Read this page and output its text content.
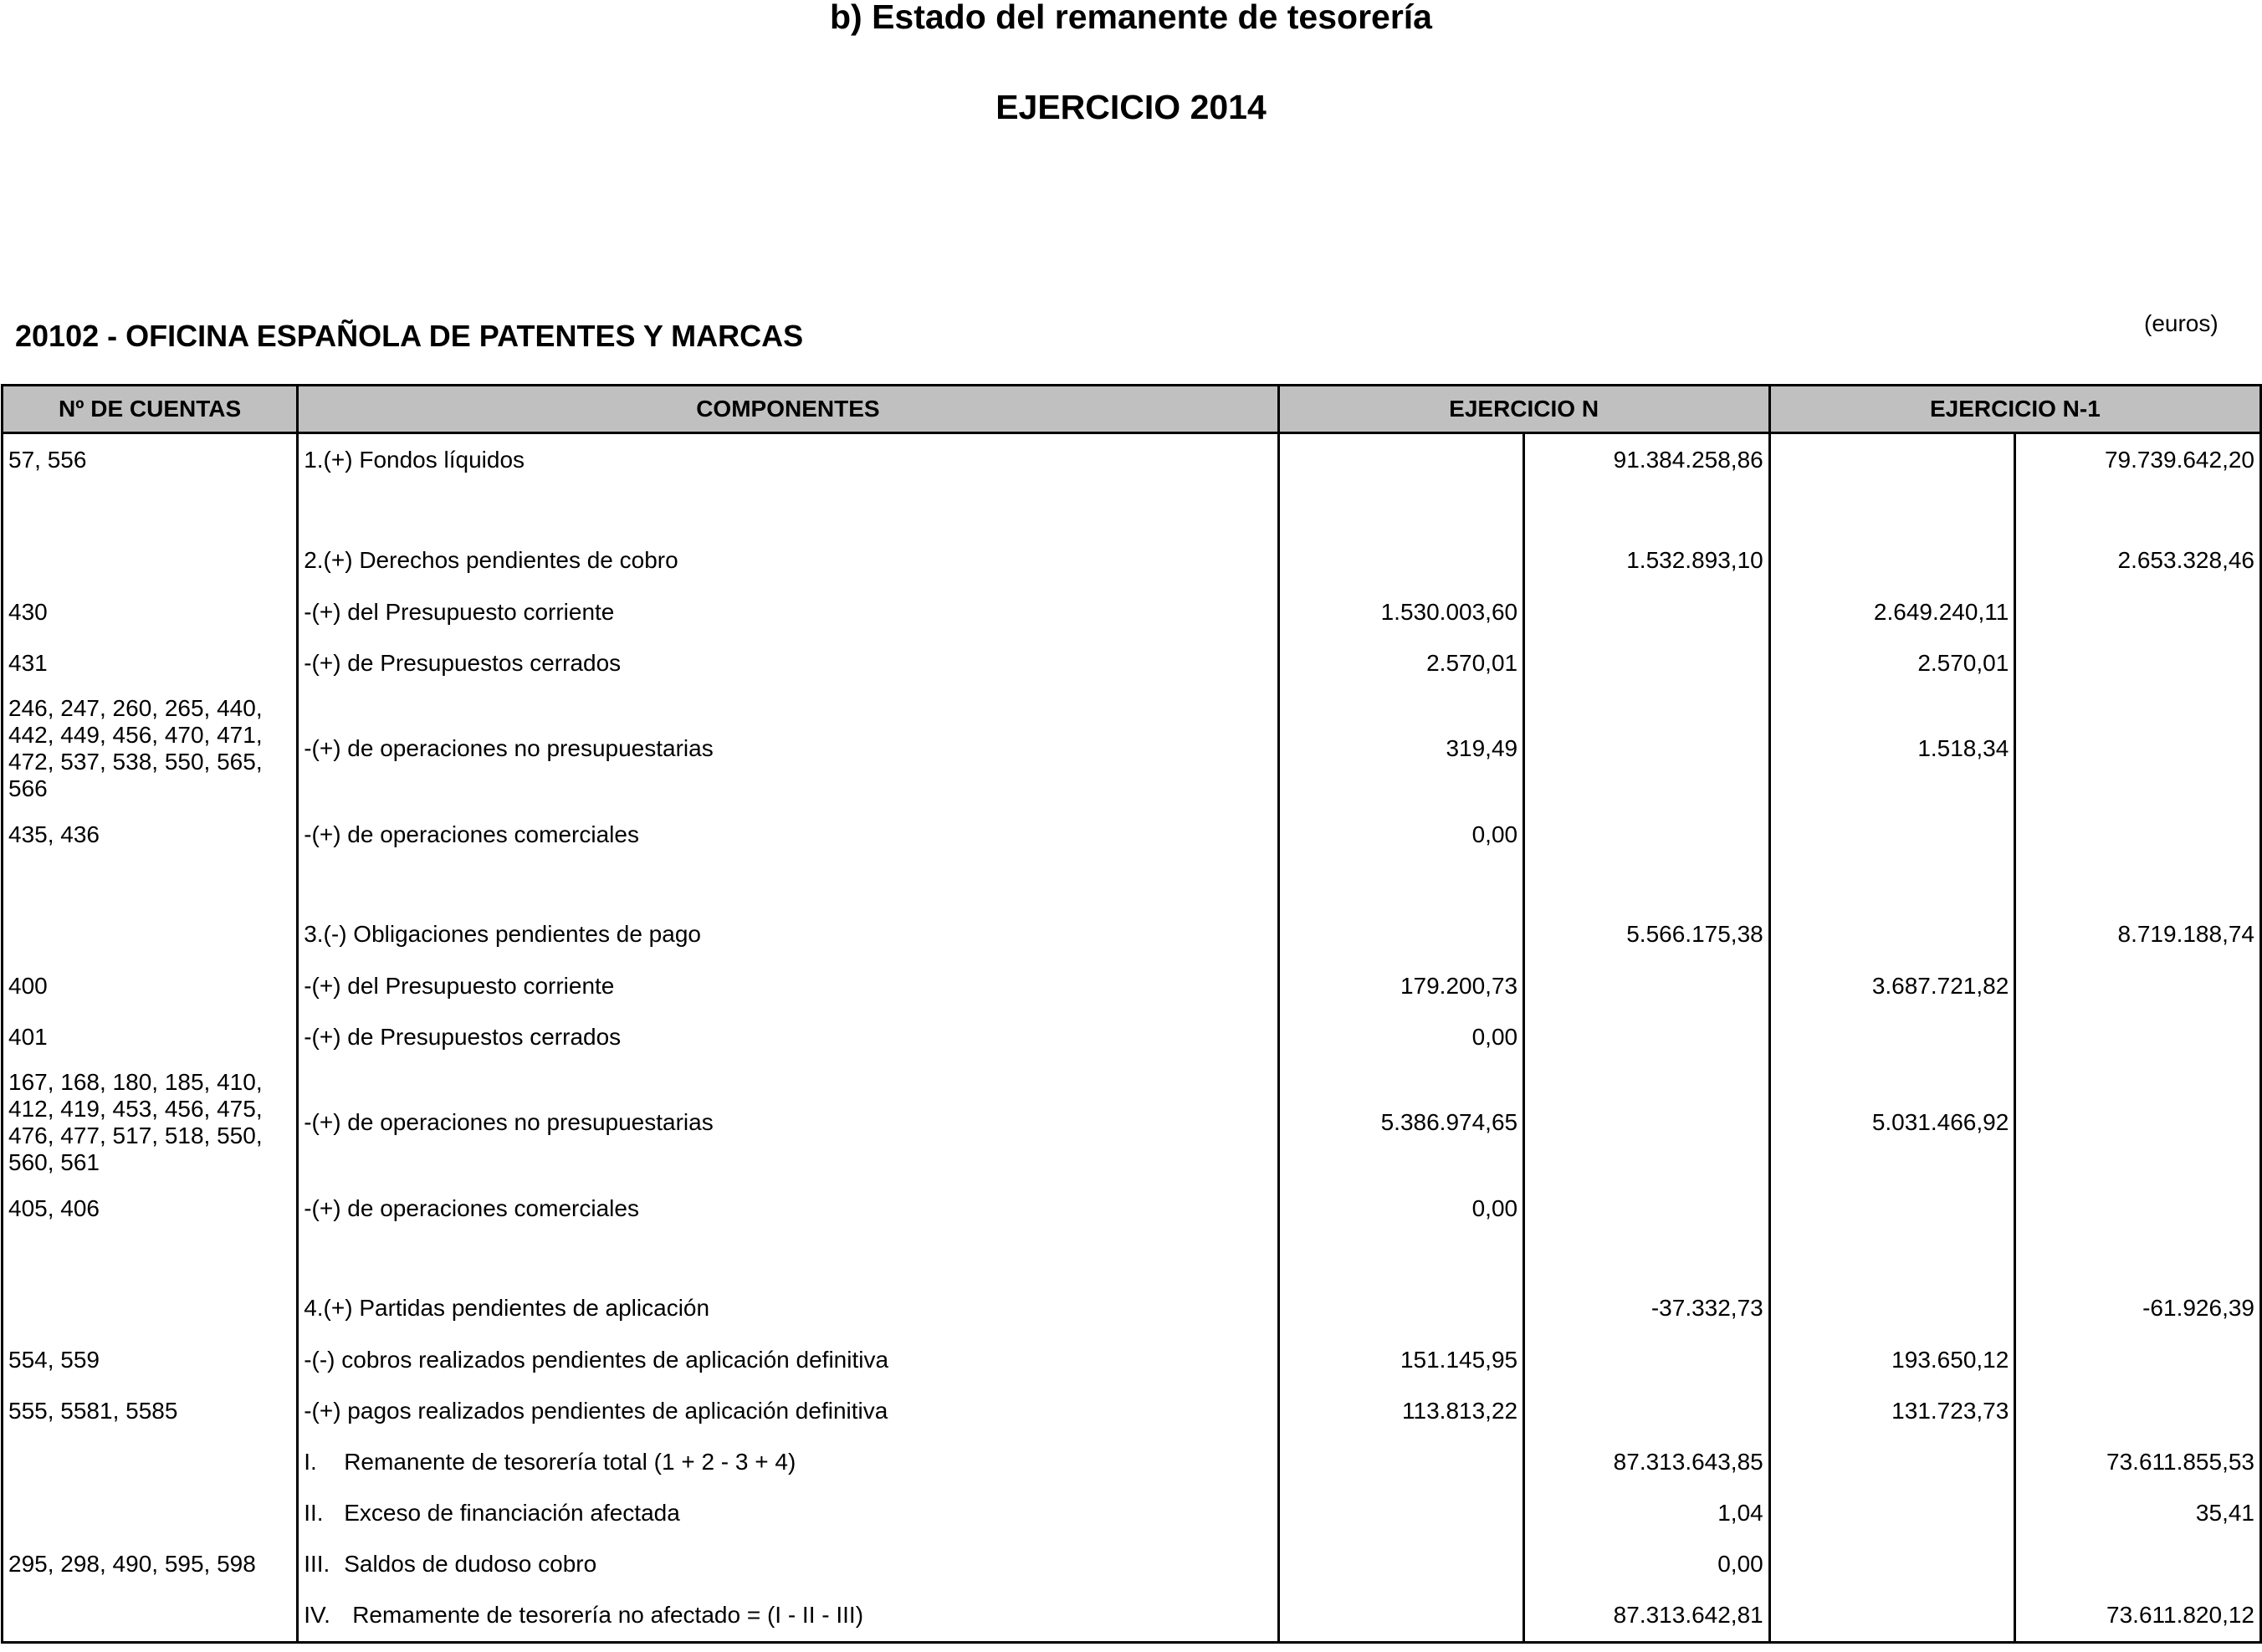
b) Estado del remanente de tesorería
EJERCICIO 2014
20102 - OFICINA ESPAÑOLA DE PATENTES Y MARCAS	(euros)
Nº DE CUENTAS	COMPONENTES	EJERCICIO N		EJERCICIO N-1	
57, 556	1.(+) Fondos líquidos		91.384.258,86		79.739.642,20

	2.(+) Derechos pendientes de cobro		1.532.893,10		2.653.328,46
430	-(+) del Presupuesto corriente	1.530.003,60		2.649.240,11	
431	-(+) de Presupuestos cerrados	2.570,01		2.570,01	
246, 247, 260, 265, 440, 442, 449, 456, 470, 471, 472, 537, 538, 550, 565, 566	-(+) de operaciones no presupuestarias	319,49		1.518,34	
435, 436	-(+) de operaciones comerciales	0,00			

	3.(-) Obligaciones pendientes de pago		5.566.175,38		8.719.188,74
400	-(+) del Presupuesto corriente	179.200,73		3.687.721,82	
401	-(+) de Presupuestos cerrados	0,00			
167, 168, 180, 185, 410, 412, 419, 453, 456, 475, 476, 477, 517, 518, 550, 560, 561	-(+) de operaciones no presupuestarias	5.386.974,65		5.031.466,92	
405, 406	-(+) de operaciones comerciales	0,00			

	4.(+) Partidas pendientes de aplicación		-37.332,73		-61.926,39
554, 559	-(-) cobros realizados pendientes de aplicación definitiva	151.145,95		193.650,12	
555, 5581, 5585	-(+) pagos realizados pendientes de aplicación definitiva	113.813,22		131.723,73	
	I. Remanente de tesorería total (1 + 2 - 3 + 4)		87.313.643,85		73.611.855,53
	II. Exceso de financiación afectada		1,04		35,41
295, 298, 490, 595, 598	III. Saldos de dudoso cobro		0,00		
	IV. Remamente de tesorería no afectado = (I - II - III)		87.313.642,81		73.611.820,12
